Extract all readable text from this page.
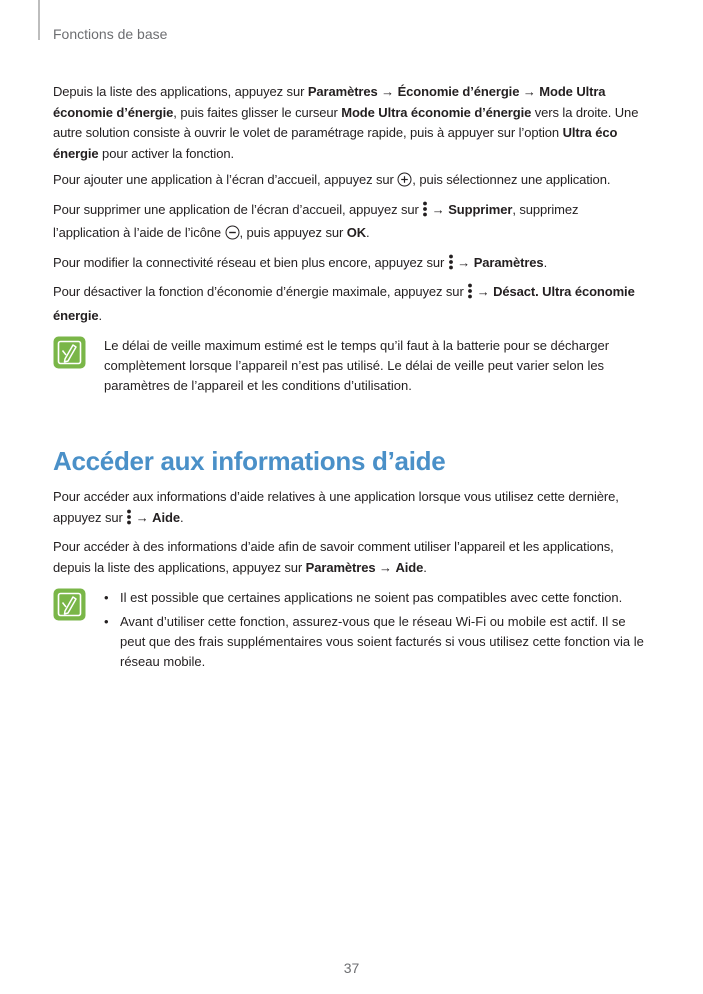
Fonctions de base

Depuis la liste des applications, appuyez sur Paramètres → Économie d’énergie → Mode Ultra économie d’énergie, puis faites glisser le curseur Mode Ultra économie d’énergie vers la droite. Une autre solution consiste à ouvrir le volet de paramétrage rapide, puis à appuyer sur l’option Ultra éco énergie pour activer la fonction.

Pour ajouter une application à l’écran d’accueil, appuyez sur , puis sélectionnez une application.

Pour supprimer une application de l’écran d’accueil, appuyez sur  → Supprimer, supprimez l’application à l’aide de l’icône , puis appuyez sur OK.

Pour modifier la connectivité réseau et bien plus encore, appuyez sur  → Paramètres.

Pour désactiver la fonction d’économie d’énergie maximale, appuyez sur  → Désact. Ultra économie énergie.

Le délai de veille maximum estimé est le temps qu’il faut à la batterie pour se décharger complètement lorsque l’appareil n’est pas utilisé. Le délai de veille peut varier selon les paramètres de l’appareil et les conditions d’utilisation.

Accéder aux informations d’aide

Pour accéder aux informations d’aide relatives à une application lorsque vous utilisez cette dernière, appuyez sur  → Aide.

Pour accéder à des informations d’aide afin de savoir comment utiliser l’appareil et les applications, depuis la liste des applications, appuyez sur Paramètres → Aide.

• Il est possible que certaines applications ne soient pas compatibles avec cette fonction.
• Avant d’utiliser cette fonction, assurez-vous que le réseau Wi-Fi ou mobile est actif. Il se peut que des frais supplémentaires vous soient facturés si vous utilisez cette fonction via le réseau mobile.
37
